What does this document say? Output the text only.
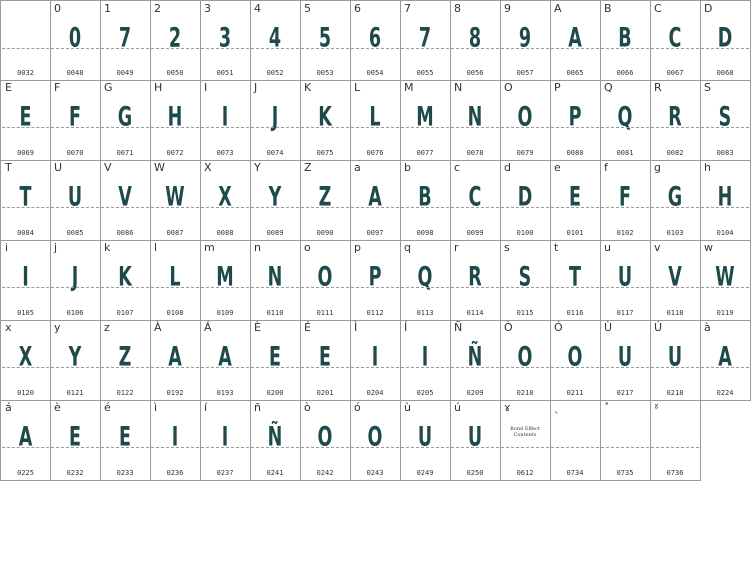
0032
0
0
0048
1
7
0049
2
2
0050
3
3
0051
4
4
0052
5
5
0053
6
6
0054
7
7
0055
8
8
0056
9
9
0057
A
A
0065
B
B
0066
C
C
0067
D
D
0068
E
E
0069
F
F
0070
G
G
0071
H
H
0072
I
I
0073
J
J
0074
K
K
0075
L
L
0076
M
M
0077
N
N
0078
O
O
0079
P
P
0080
Q
Q
0081
R
R
0082
S
S
0083
T
T
0084
U
U
0085
V
V
0086
W
W
0087
X
X
0088
Y
Y
0089
Z
Z
0090
a
A
0097
b
B
0098
c
C
0099
d
D
0100
e
E
0101
f
F
0102
g
G
0103
h
H
0104
i
I
0105
j
J
0106
k
K
0107
l
L
0108
m
M
0109
n
N
0110
o
O
0111
p
P
0112
q
Q
0113
r
R
0114
s
S
0115
t
T
0116
u
U
0117
v
V
0118
w
W
0119
x
X
0120
y
Y
0121
z
Z
0122
À
A
0192
Á
A
0193
È
E
0200
É
E
0201
Ì
I
0204
Í
I
0205
Ñ
Ñ
0209
Ò
O
0210
Ó
O
0211
Ù
U
0217
Ú
U
0218
à
A
0224
á
A
0225
è
E
0232
é
E
0233
ì
I
0236
í
I
0237
ñ
Ñ
0241
ò
O
0242
ó
O
0243
ù
U
0249
ú
U
0250
ɤ
Bond Effect Contents
0612
ˎ
0734
˟
0735
ˠ
0736
